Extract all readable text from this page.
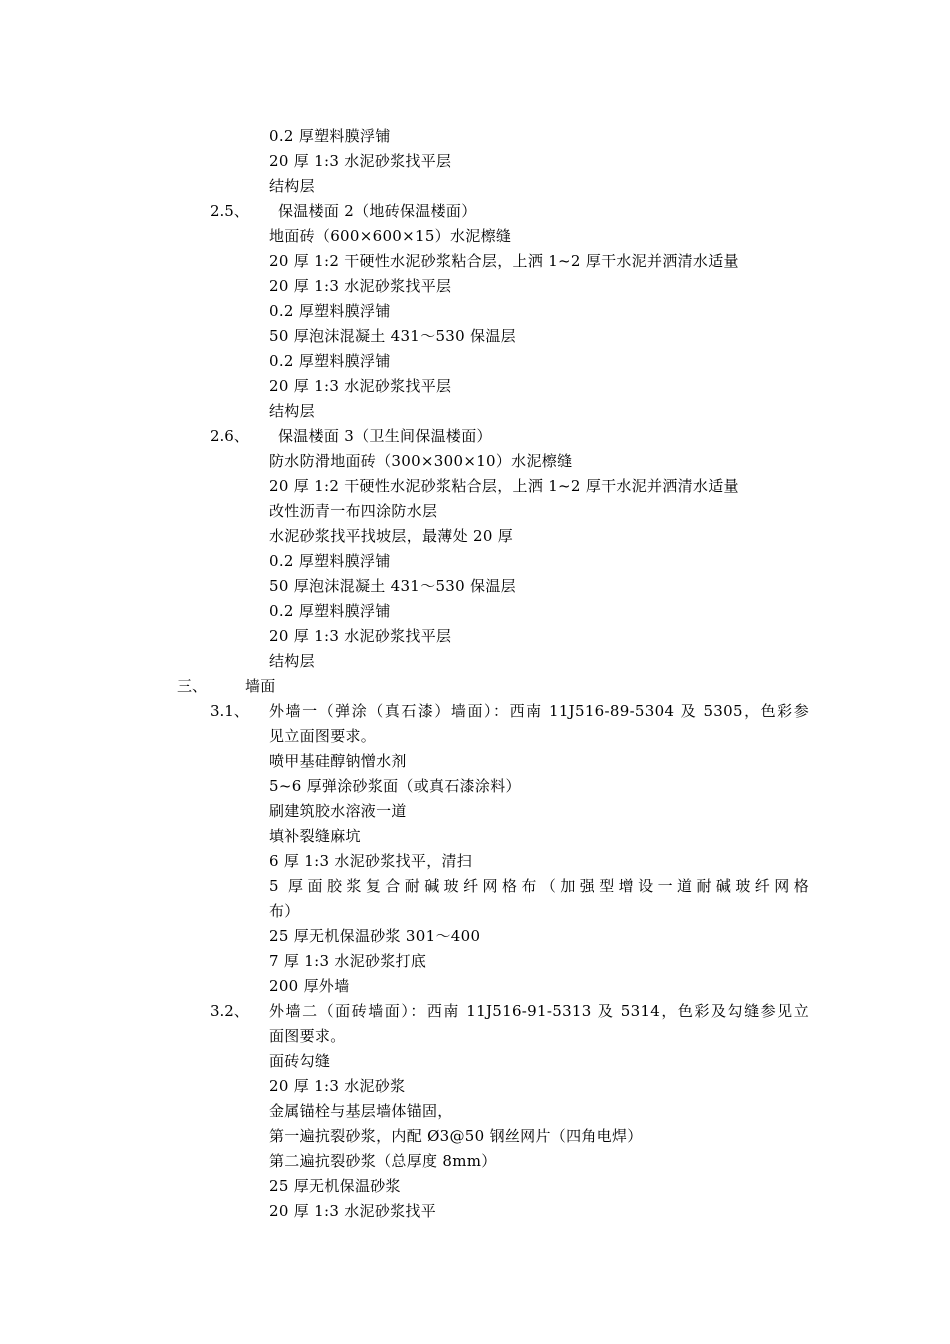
0.2 厚塑料膜浮铺
20 厚 1:3 水泥砂浆找平层
结构层
2.5、 保温楼面 2（地砖保温楼面）
地面砖（600×600×15）水泥檫缝
20 厚 1:2 干硬性水泥砂浆粘合层，上洒 1~2 厚干水泥并洒清水适量
20 厚 1:3 水泥砂浆找平层
0.2 厚塑料膜浮铺
50 厚泡沫混凝土 431～530 保温层
0.2 厚塑料膜浮铺
20 厚 1:3 水泥砂浆找平层
结构层
2.6、 保温楼面 3（卫生间保温楼面）
防水防滑地面砖（300×300×10）水泥檫缝
20 厚 1:2 干硬性水泥砂浆粘合层，上洒 1~2 厚干水泥并洒清水适量
改性沥青一布四涂防水层
水泥砂浆找平找坡层，最薄处 20 厚
0.2 厚塑料膜浮铺
50 厚泡沫混凝土 431～530 保温层
0.2 厚塑料膜浮铺
20 厚 1:3 水泥砂浆找平层
结构层
三、	墙面
3.1、 外墙一（弹涂（真石漆）墙面）：西南 11J516-89-5304 及 5305，色彩参
见立面图要求。
喷甲基硅醇钠憎水剂
5~6 厚弹涂砂浆面（或真石漆涂料）
刷建筑胶水溶液一道
填补裂缝麻坑
6 厚 1:3 水泥砂浆找平，清扫
5 厚面胶浆复合耐碱玻纤网格布（加强型增设一道耐碱玻纤网格
布）
25 厚无机保温砂浆 301～400
7 厚 1:3 水泥砂浆打底
200 厚外墙
3.2、 外墙二（面砖墙面）：西南 11J516-91-5313 及 5314，色彩及勾缝参见立
面图要求。
面砖勾缝
20 厚 1:3 水泥砂浆
金属锚栓与基层墙体锚固，
第一遍抗裂砂浆，内配 Ø3@50 钢丝网片（四角电焊）
第二遍抗裂砂浆（总厚度 8mm）
25 厚无机保温砂浆
20 厚 1:3 水泥砂浆找平
